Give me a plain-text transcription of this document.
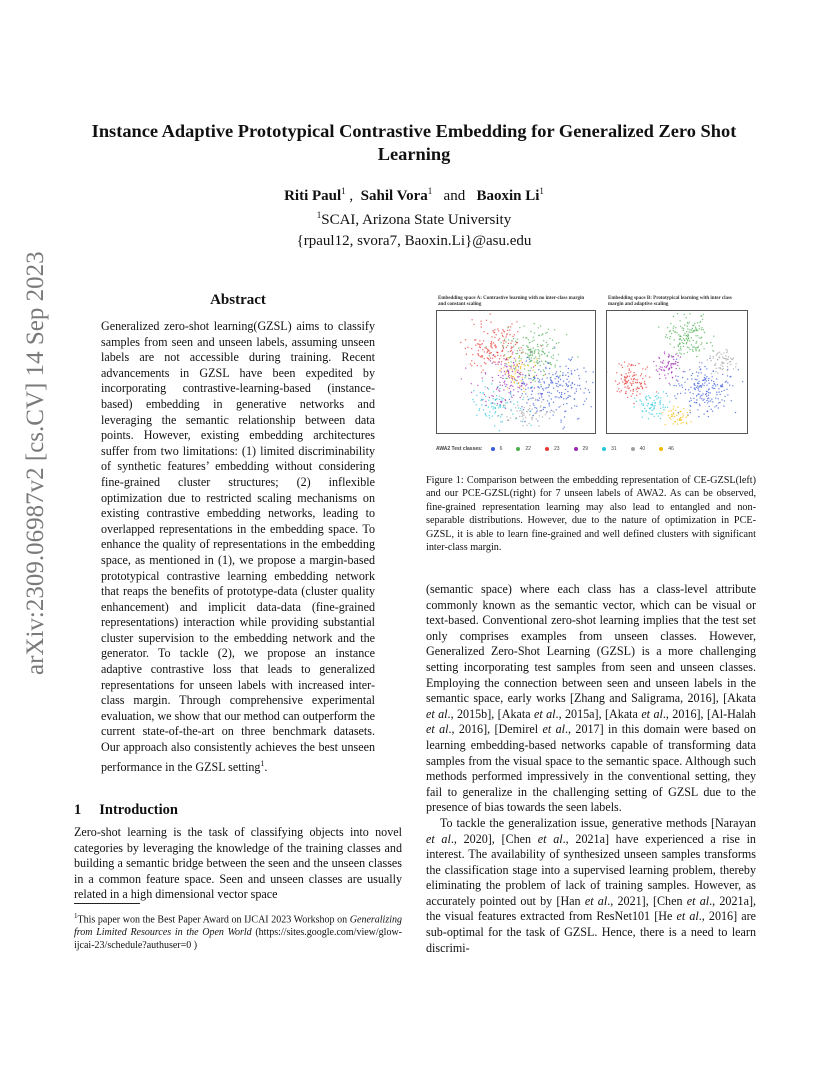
arXiv:2309.06987v2 [cs.CV] 14 Sep 2023
Instance Adaptive Prototypical Contrastive Embedding for Generalized Zero Shot Learning
Riti Paul$^1$ , Sahil Vora$^1$ and Baoxin Li$^1$
$^1$SCAI, Arizona State University
{rpaul12, svora7, Baoxin.Li}@asu.edu
Abstract
Generalized zero-shot learning(GZSL) aims to classify samples from seen and unseen labels, assuming unseen labels are not accessible during training. Recent advancements in GZSL have been expedited by incorporating contrastive-learning-based (instance-based) embedding in generative networks and leveraging the semantic relationship between data points. However, existing embedding architectures suffer from two limitations: (1) limited discriminability of synthetic features’ embedding without considering fine-grained cluster structures; (2) inflexible optimization due to restricted scaling mechanisms on existing contrastive embedding networks, leading to overlapped representations in the embedding space. To enhance the quality of representations in the embedding space, as mentioned in (1), we propose a margin-based prototypical contrastive learning embedding network that reaps the benefits of prototype-data (cluster quality enhancement) and implicit data-data (fine-grained representations) interaction while providing substantial cluster supervision to the embedding network and the generator. To tackle (2), we propose an instance adaptive contrastive loss that leads to generalized representations for unseen labels with increased inter-class margin. Through comprehensive experimental evaluation, we show that our method can outperform the current state-of-the-art on three benchmark datasets. Our approach also consistently achieves the best unseen performance in the GZSL setting$^1$.
1 Introduction
Zero-shot learning is the task of classifying objects into novel categories by leveraging the knowledge of the training classes and building a semantic bridge between the seen and the unseen classes in a common feature space. Seen and unseen classes are usually related in a high dimensional vector space
$^1$This paper won the Best Paper Award on IJCAI 2023 Workshop on Generalizing from Limited Resources in the Open World (https://sites.google.com/view/glow-ijcai-23/schedule?authuser=0 )
Embedding space A: Contrastive learning with no inter-class margin and constant scaling
Embedding space B: Prototypical learning with inter class margin and adaptive scaling
AWA2 Test classes:	6	22	23	29	31	40	46
Figure 1: Comparison between the embedding representation of CE-GZSL(left) and our PCE-GZSL(right) for 7 unseen labels of AWA2. As can be observed, fine-grained representation learning may also lead to entangled and non-separable distributions. However, due to the nature of optimization in PCE-GZSL, it is able to learn fine-grained and well defined clusters with significant inter-class margin.

(semantic space) where each class has a class-level attribute commonly known as the semantic vector, which can be visual or text-based. Conventional zero-shot learning implies that the test set only comprises examples from unseen classes. However, Generalized Zero-Shot Learning (GZSL) is a more challenging setting incorporating test samples from seen and unseen classes. Employing the connection between seen and unseen labels in the semantic space, early works [Zhang and Saligrama, 2016], [Akata et al., 2015b], [Akata et al., 2015a], [Akata et al., 2016], [Al-Halah et al., 2016], [Demirel et al., 2017] in this domain were based on learning embedding-based networks capable of transforming data samples from the visual space to the semantic space. Although such methods performed impressively in the conventional setting, they fail to generalize in the challenging setting of GZSL due to the presence of bias towards the seen labels.

To tackle the generalization issue, generative methods [Narayan et al., 2020], [Chen et al., 2021a] have experienced a rise in interest. The availability of synthesized unseen samples transforms the classification stage into a supervised learning problem, thereby eliminating the problem of lack of training samples. However, as accurately pointed out by [Han et al., 2021], [Chen et al., 2021a], the visual features extracted from ResNet101 [He et al., 2016] are sub-optimal for the task of GZSL. Hence, there is a need to learn discrimi-
